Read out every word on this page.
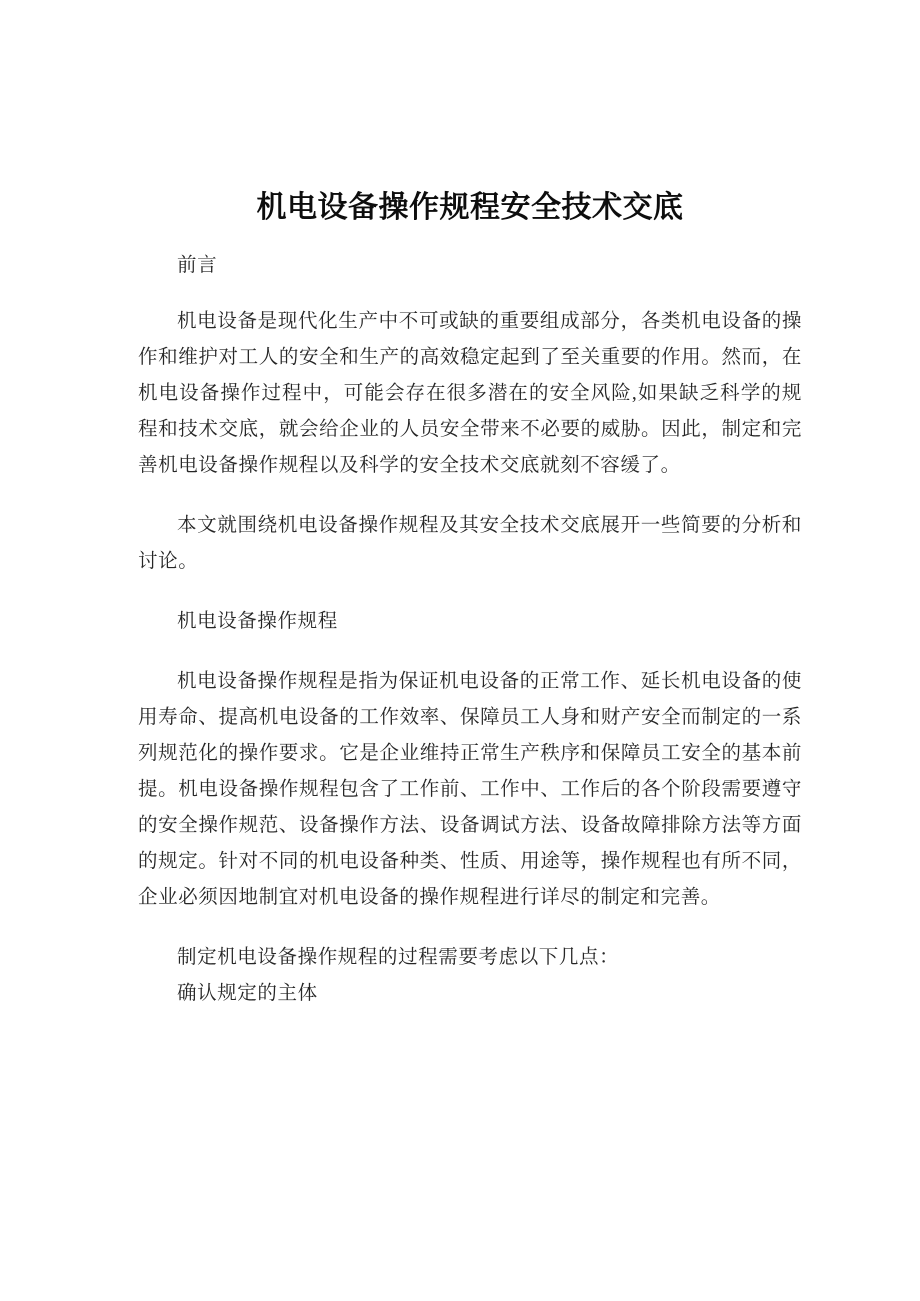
机电设备操作规程安全技术交底

前言

机电设备是现代化生产中不可或缺的重要组成部分，各类机电设备的操作和维护对工人的安全和生产的高效稳定起到了至关重要的作用。然而，在机电设备操作过程中，可能会存在很多潜在的安全风险,如果缺乏科学的规程和技术交底，就会给企业的人员安全带来不必要的威胁。因此，制定和完善机电设备操作规程以及科学的安全技术交底就刻不容缓了。

本文就围绕机电设备操作规程及其安全技术交底展开一些简要的分析和讨论。

机电设备操作规程

机电设备操作规程是指为保证机电设备的正常工作、延长机电设备的使用寿命、提高机电设备的工作效率、保障员工人身和财产安全而制定的一系列规范化的操作要求。它是企业维持正常生产秩序和保障员工安全的基本前提。机电设备操作规程包含了工作前、工作中、工作后的各个阶段需要遵守的安全操作规范、设备操作方法、设备调试方法、设备故障排除方法等方面的规定。针对不同的机电设备种类、性质、用途等，操作规程也有所不同，企业必须因地制宜对机电设备的操作规程进行详尽的制定和完善。

制定机电设备操作规程的过程需要考虑以下几点：

确认规定的主体
